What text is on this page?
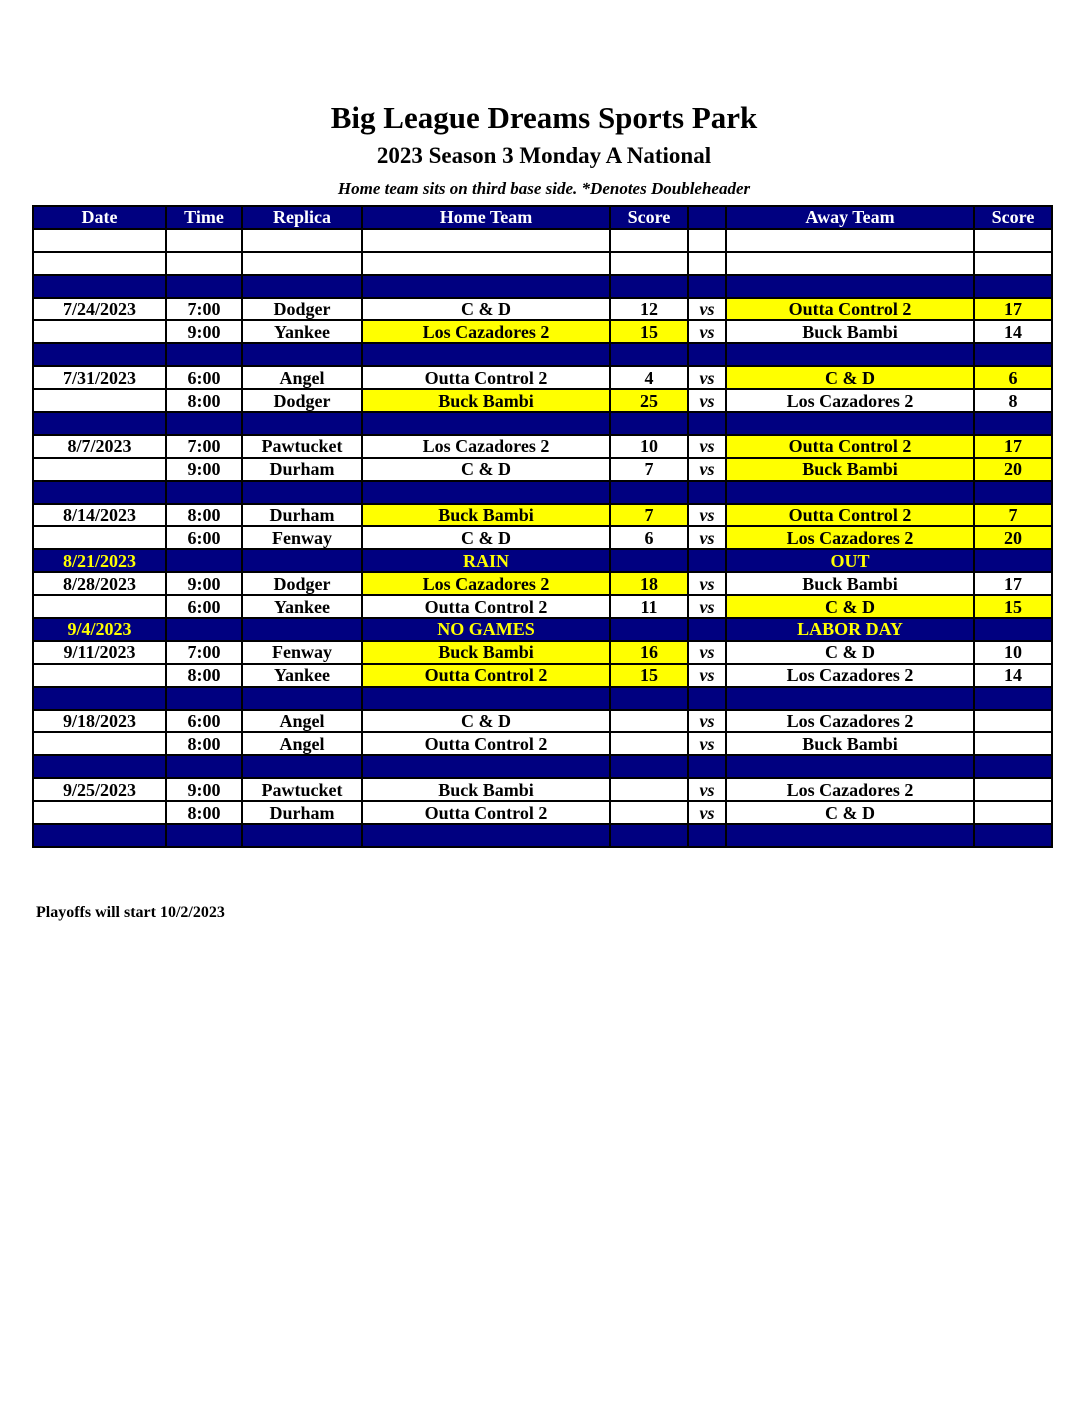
Big League Dreams Sports Park
2023 Season 3 Monday A National
Home team sits on third base side. *Denotes Doubleheader
Date	Time	Replica	Home Team	Score		Away Team	Score

7/24/2023	7:00	Dodger	C & D	12	vs	Outta Control 2	17
	9:00	Yankee	Los Cazadores 2	15	vs	Buck Bambi	14

7/31/2023	6:00	Angel	Outta Control 2	4	vs	C & D	6
	8:00	Dodger	Buck Bambi	25	vs	Los Cazadores 2	8

8/7/2023	7:00	Pawtucket	Los Cazadores 2	10	vs	Outta Control 2	17
	9:00	Durham	C & D	7	vs	Buck Bambi	20

8/14/2023	8:00	Durham	Buck Bambi	7	vs	Outta Control 2	7
	6:00	Fenway	C & D	6	vs	Los Cazadores 2	20
8/21/2023			RAIN			OUT	
8/28/2023	9:00	Dodger	Los Cazadores 2	18	vs	Buck Bambi	17
	6:00	Yankee	Outta Control 2	11	vs	C & D	15
9/4/2023			NO GAMES			LABOR DAY	
9/11/2023	7:00	Fenway	Buck Bambi	16	vs	C & D	10
	8:00	Yankee	Outta Control 2	15	vs	Los Cazadores 2	14

9/18/2023	6:00	Angel	C & D		vs	Los Cazadores 2	
	8:00	Angel	Outta Control 2		vs	Buck Bambi	

9/25/2023	9:00	Pawtucket	Buck Bambi		vs	Los Cazadores 2	
	8:00	Durham	Outta Control 2		vs	C & D	

Playoffs will start 10/2/2023
